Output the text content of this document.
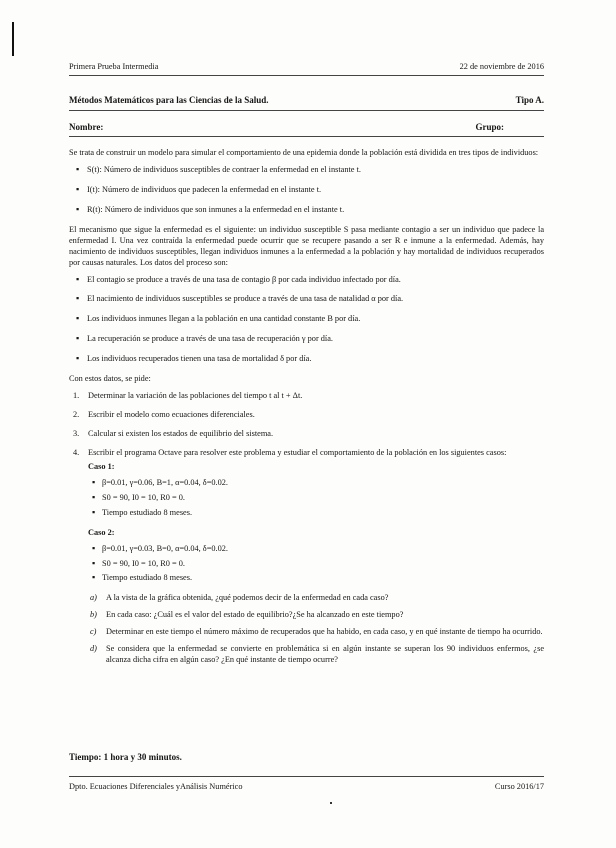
Primera Prueba Intermedia	22 de noviembre de 2016
Métodos Matemáticos para las Ciencias de la Salud.	Tipo A.
Nombre:	Grupo:

Se trata de construir un modelo para simular el comportamiento de una epidemia donde la población está dividida en tres tipos de individuos:

▪ S(t): Número de individuos susceptibles de contraer la enfermedad en el instante t.
▪ I(t): Número de individuos que padecen la enfermedad en el instante t.
▪ R(t): Número de individuos que son inmunes a la enfermedad en el instante t.

El mecanismo que sigue la enfermedad es el siguiente: un individuo susceptible S pasa mediante contagio a ser un individuo que padece la enfermedad I. Una vez contraída la enfermedad puede ocurrir que se recupere pasando a ser R e inmune a la enfermedad. Además, hay nacimiento de individuos susceptibles, llegan individuos inmunes a la enfermedad a la población y hay mortalidad de individuos recuperados por causas naturales. Los datos del proceso son:

▪ El contagio se produce a través de una tasa de contagio β por cada individuo infectado por día.
▪ El nacimiento de individuos susceptibles se produce a través de una tasa de natalidad α por día.
▪ Los individuos inmunes llegan a la población en una cantidad constante B por día.
▪ La recuperación se produce a través de una tasa de recuperación γ por día.
▪ Los individuos recuperados tienen una tasa de mortalidad δ por día.

Con estos datos, se pide:

1. Determinar la variación de las poblaciones del tiempo t al t + Δt.
2. Escribir el modelo como ecuaciones diferenciales.
3. Calcular si existen los estados de equilibrio del sistema.
4. Escribir el programa Octave para resolver este problema y estudiar el comportamiento de la población en los siguientes casos:
Caso 1:
▪ β=0.01, γ=0.06, B=1, α=0.04, δ=0.02.
▪ S0 = 90, I0 = 10, R0 = 0.
▪ Tiempo estudiado 8 meses.
Caso 2:
▪ β=0.01, γ=0.03, B=0, α=0.04, δ=0.02.
▪ S0 = 90, I0 = 10, R0 = 0.
▪ Tiempo estudiado 8 meses.
a) A la vista de la gráfica obtenida, ¿qué podemos decir de la enfermedad en cada caso?
b) En cada caso: ¿Cuál es el valor del estado de equilibrio?¿Se ha alcanzado en este tiempo?
c) Determinar en este tiempo el número máximo de recuperados que ha habido, en cada caso, y en qué instante de tiempo ha ocurrido.
d) Se considera que la enfermedad se convierte en problemática si en algún instante se superan los 90 individuos enfermos, ¿se alcanza dicha cifra en algún caso? ¿En qué instante de tiempo ocurre?
Tiempo: 1 hora y 30 minutos.
Dpto. Ecuaciones Diferenciales yAnálisis Numérico	Curso 2016/17
